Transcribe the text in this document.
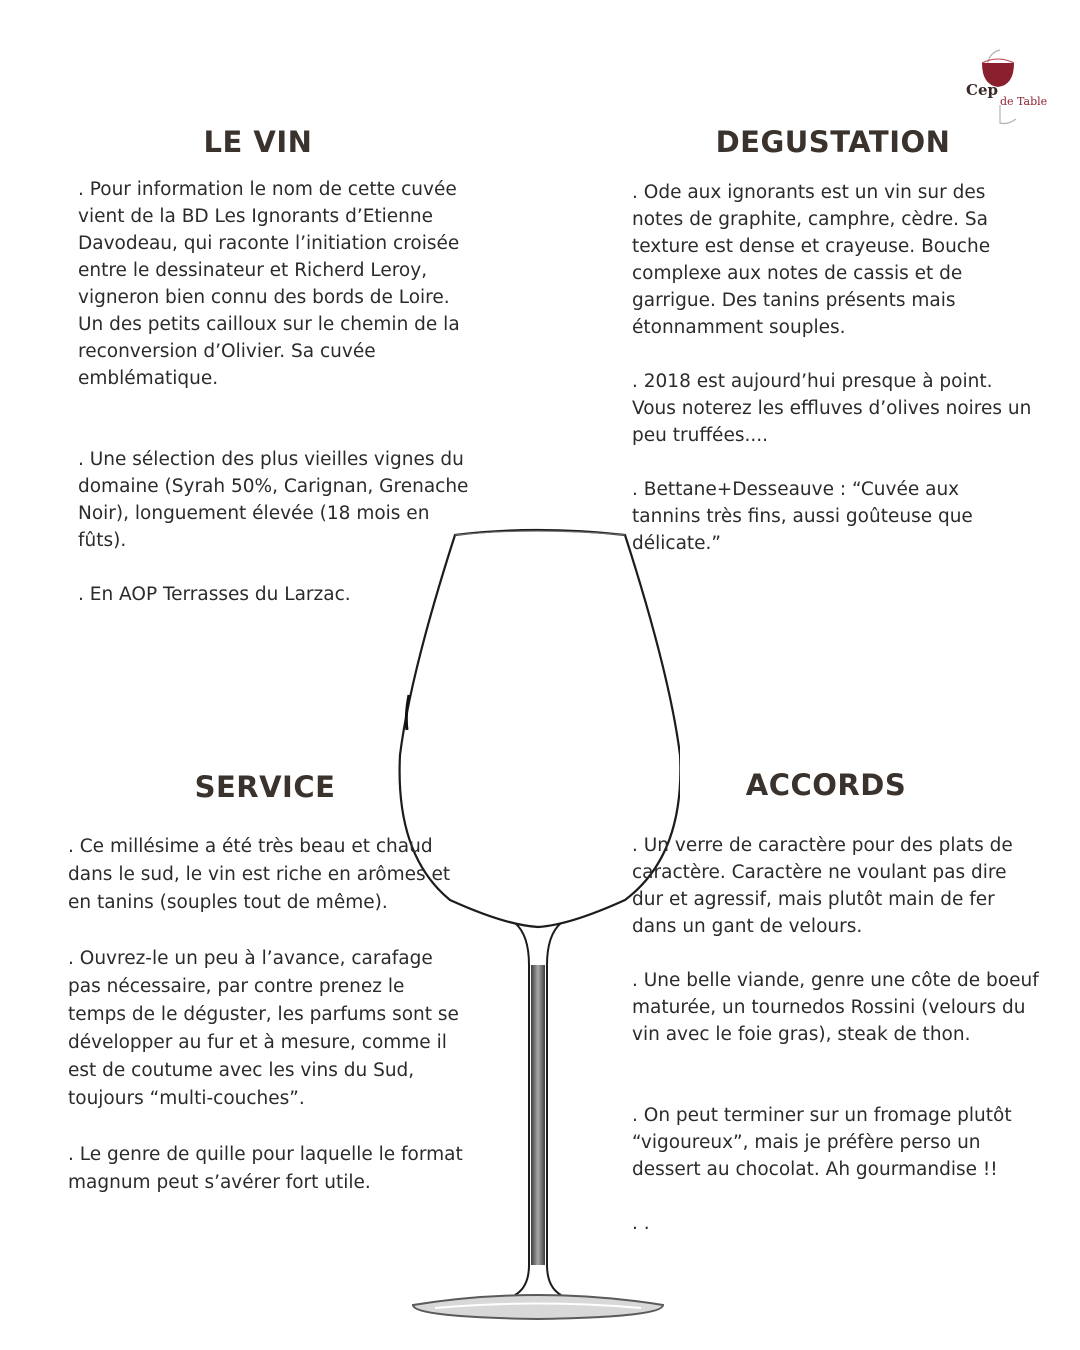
Cep
de Table
LE VIN

. Pour information le nom de cette cuvée vient de la BD Les Ignorants d’Etienne Davodeau, qui raconte l’initiation croisée entre le dessinateur et Richerd Leroy, vigneron bien connu des bords de Loire. Un des petits cailloux sur le chemin de la reconversion d’Olivier. Sa cuvée emblématique.

. Une sélection des plus vieilles vignes du domaine (Syrah 50%, Carignan, Grenache Noir), longuement élevée (18 mois en fûts).

. En AOP Terrasses du Larzac.

DEGUSTATION

. Ode aux ignorants est un vin sur des notes de graphite, camphre, cèdre. Sa texture est dense et crayeuse. Bouche complexe aux notes de cassis et de garrigue. Des tanins présents mais étonnamment souples.

. 2018 est aujourd’hui presque à point. Vous noterez les effluves d’olives noires un peu truffées....

. Bettane+Desseauve : “Cuvée aux tannins très fins, aussi goûteuse que délicate.”

SERVICE

. Ce millésime a été très beau et chaud dans le sud, le vin est riche en arômes et en tanins (souples tout de même).

. Ouvrez-le un peu à l’avance, carafage pas nécessaire, par contre prenez le temps de le déguster, les parfums sont se développer au fur et à mesure, comme il est de coutume avec les vins du Sud, toujours “multi-couches”.

. Le genre de quille pour laquelle le format magnum peut s’avérer fort utile.

ACCORDS

. Un verre de caractère pour des plats de caractère. Caractère ne voulant pas dire dur et agressif, mais plutôt main de fer dans un gant de velours.

. Une belle viande, genre une côte de boeuf maturée, un tournedos Rossini (velours du vin avec le foie gras), steak de thon.

. On peut terminer sur un fromage plutôt “vigoureux”, mais je préfère perso un dessert au chocolat. Ah gourmandise !!

. .
